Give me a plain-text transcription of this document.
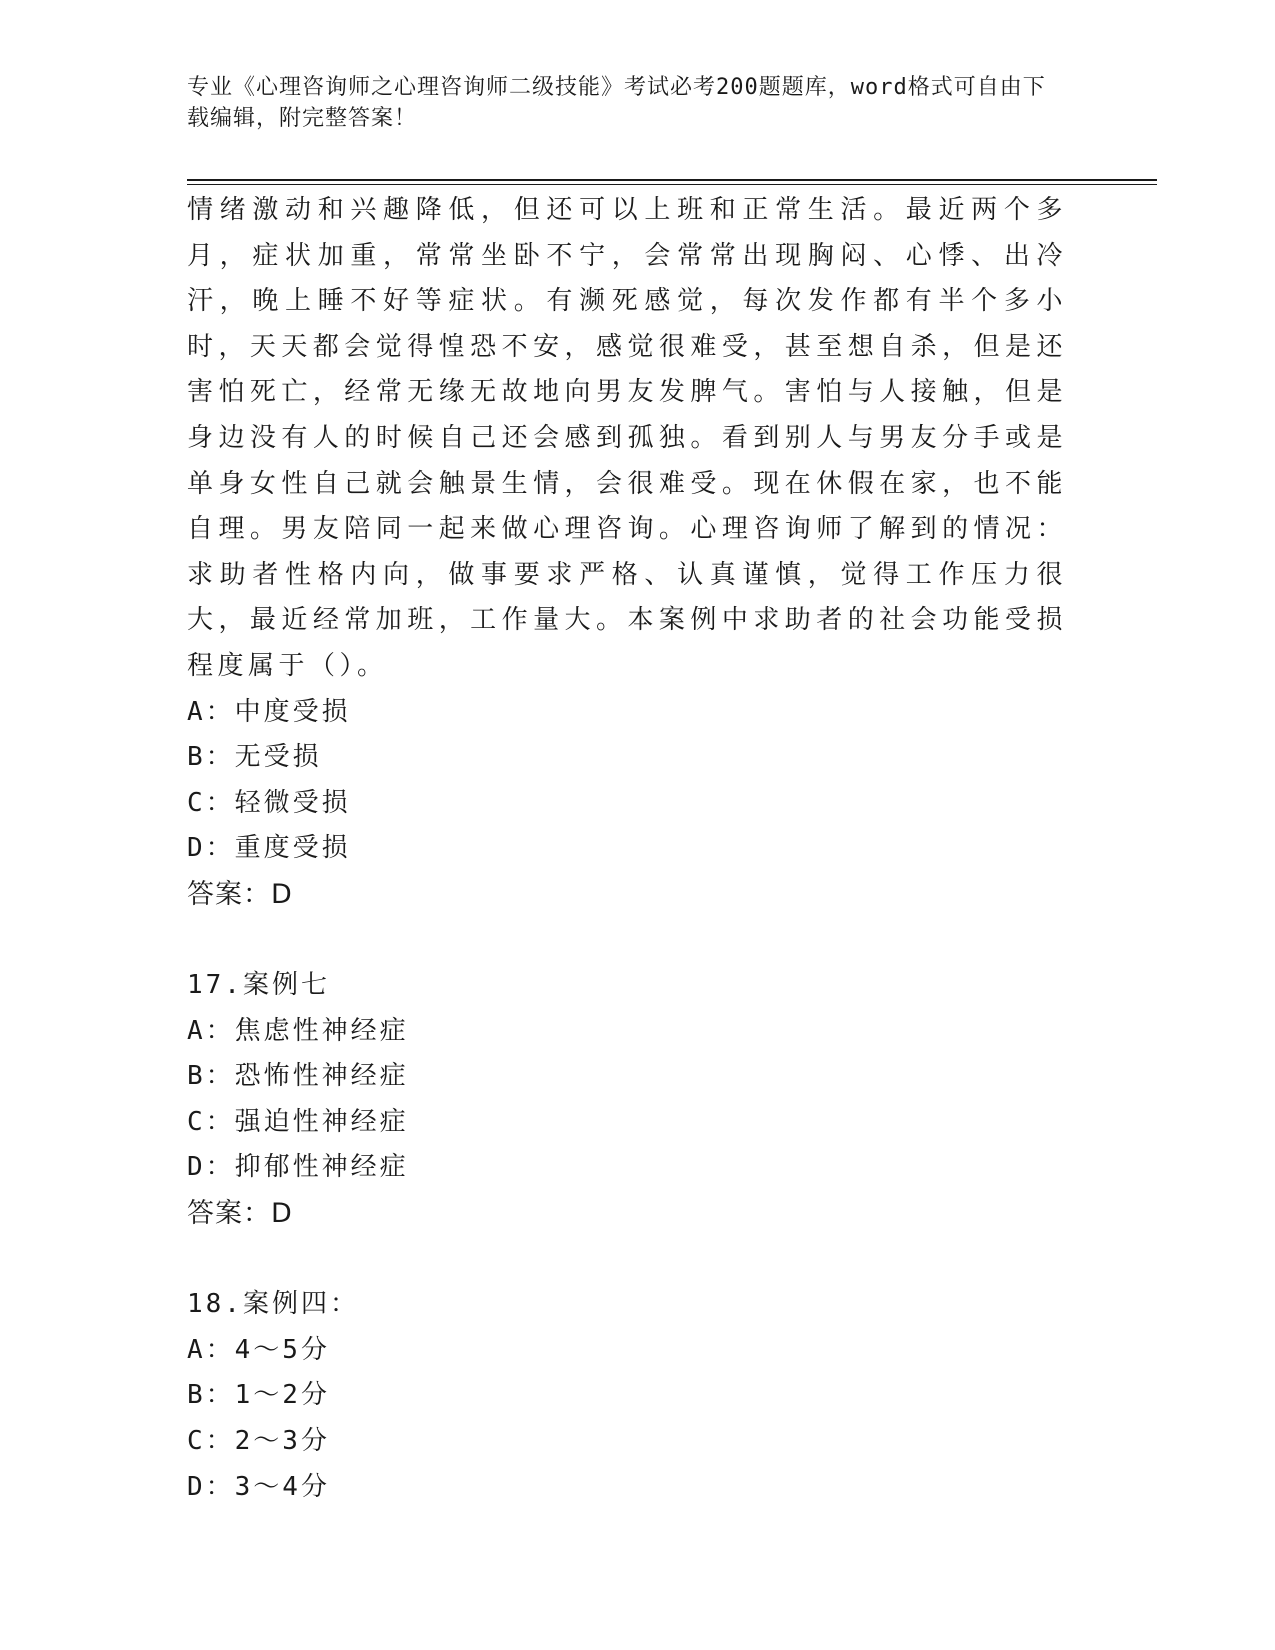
专业《心理咨询师之心理咨询师二级技能》考试必考200题题库，word格式可自由下载编辑，附完整答案！

情绪激动和兴趣降低，但还可以上班和正常生活。最近两个多月，症状加重，常常坐卧不宁，会常常出现胸闷、心悸、出冷汗，晚上睡不好等症状。有濒死感觉，每次发作都有半个多小时，天天都会觉得惶恐不安，感觉很难受，甚至想自杀，但是还害怕死亡，经常无缘无故地向男友发脾气。害怕与人接触，但是身边没有人的时候自己还会感到孤独。看到别人与男友分手或是单身女性自己就会触景生情，会很难受。现在休假在家，也不能自理。男友陪同一起来做心理咨询。心理咨询师了解到的情况：求助者性格内向，做事要求严格、认真谨慎，觉得工作压力很大，最近经常加班，工作量大。本案例中求助者的社会功能受损程度属于（）。

A：中度受损

B：无受损

C：轻微受损

D：重度受损

答案：D

17.案例七

A：焦虑性神经症

B：恐怖性神经症

C：强迫性神经症

D：抑郁性神经症

答案：D

18.案例四：

A：4～5分

B：1～2分

C：2～3分

D：3～4分
